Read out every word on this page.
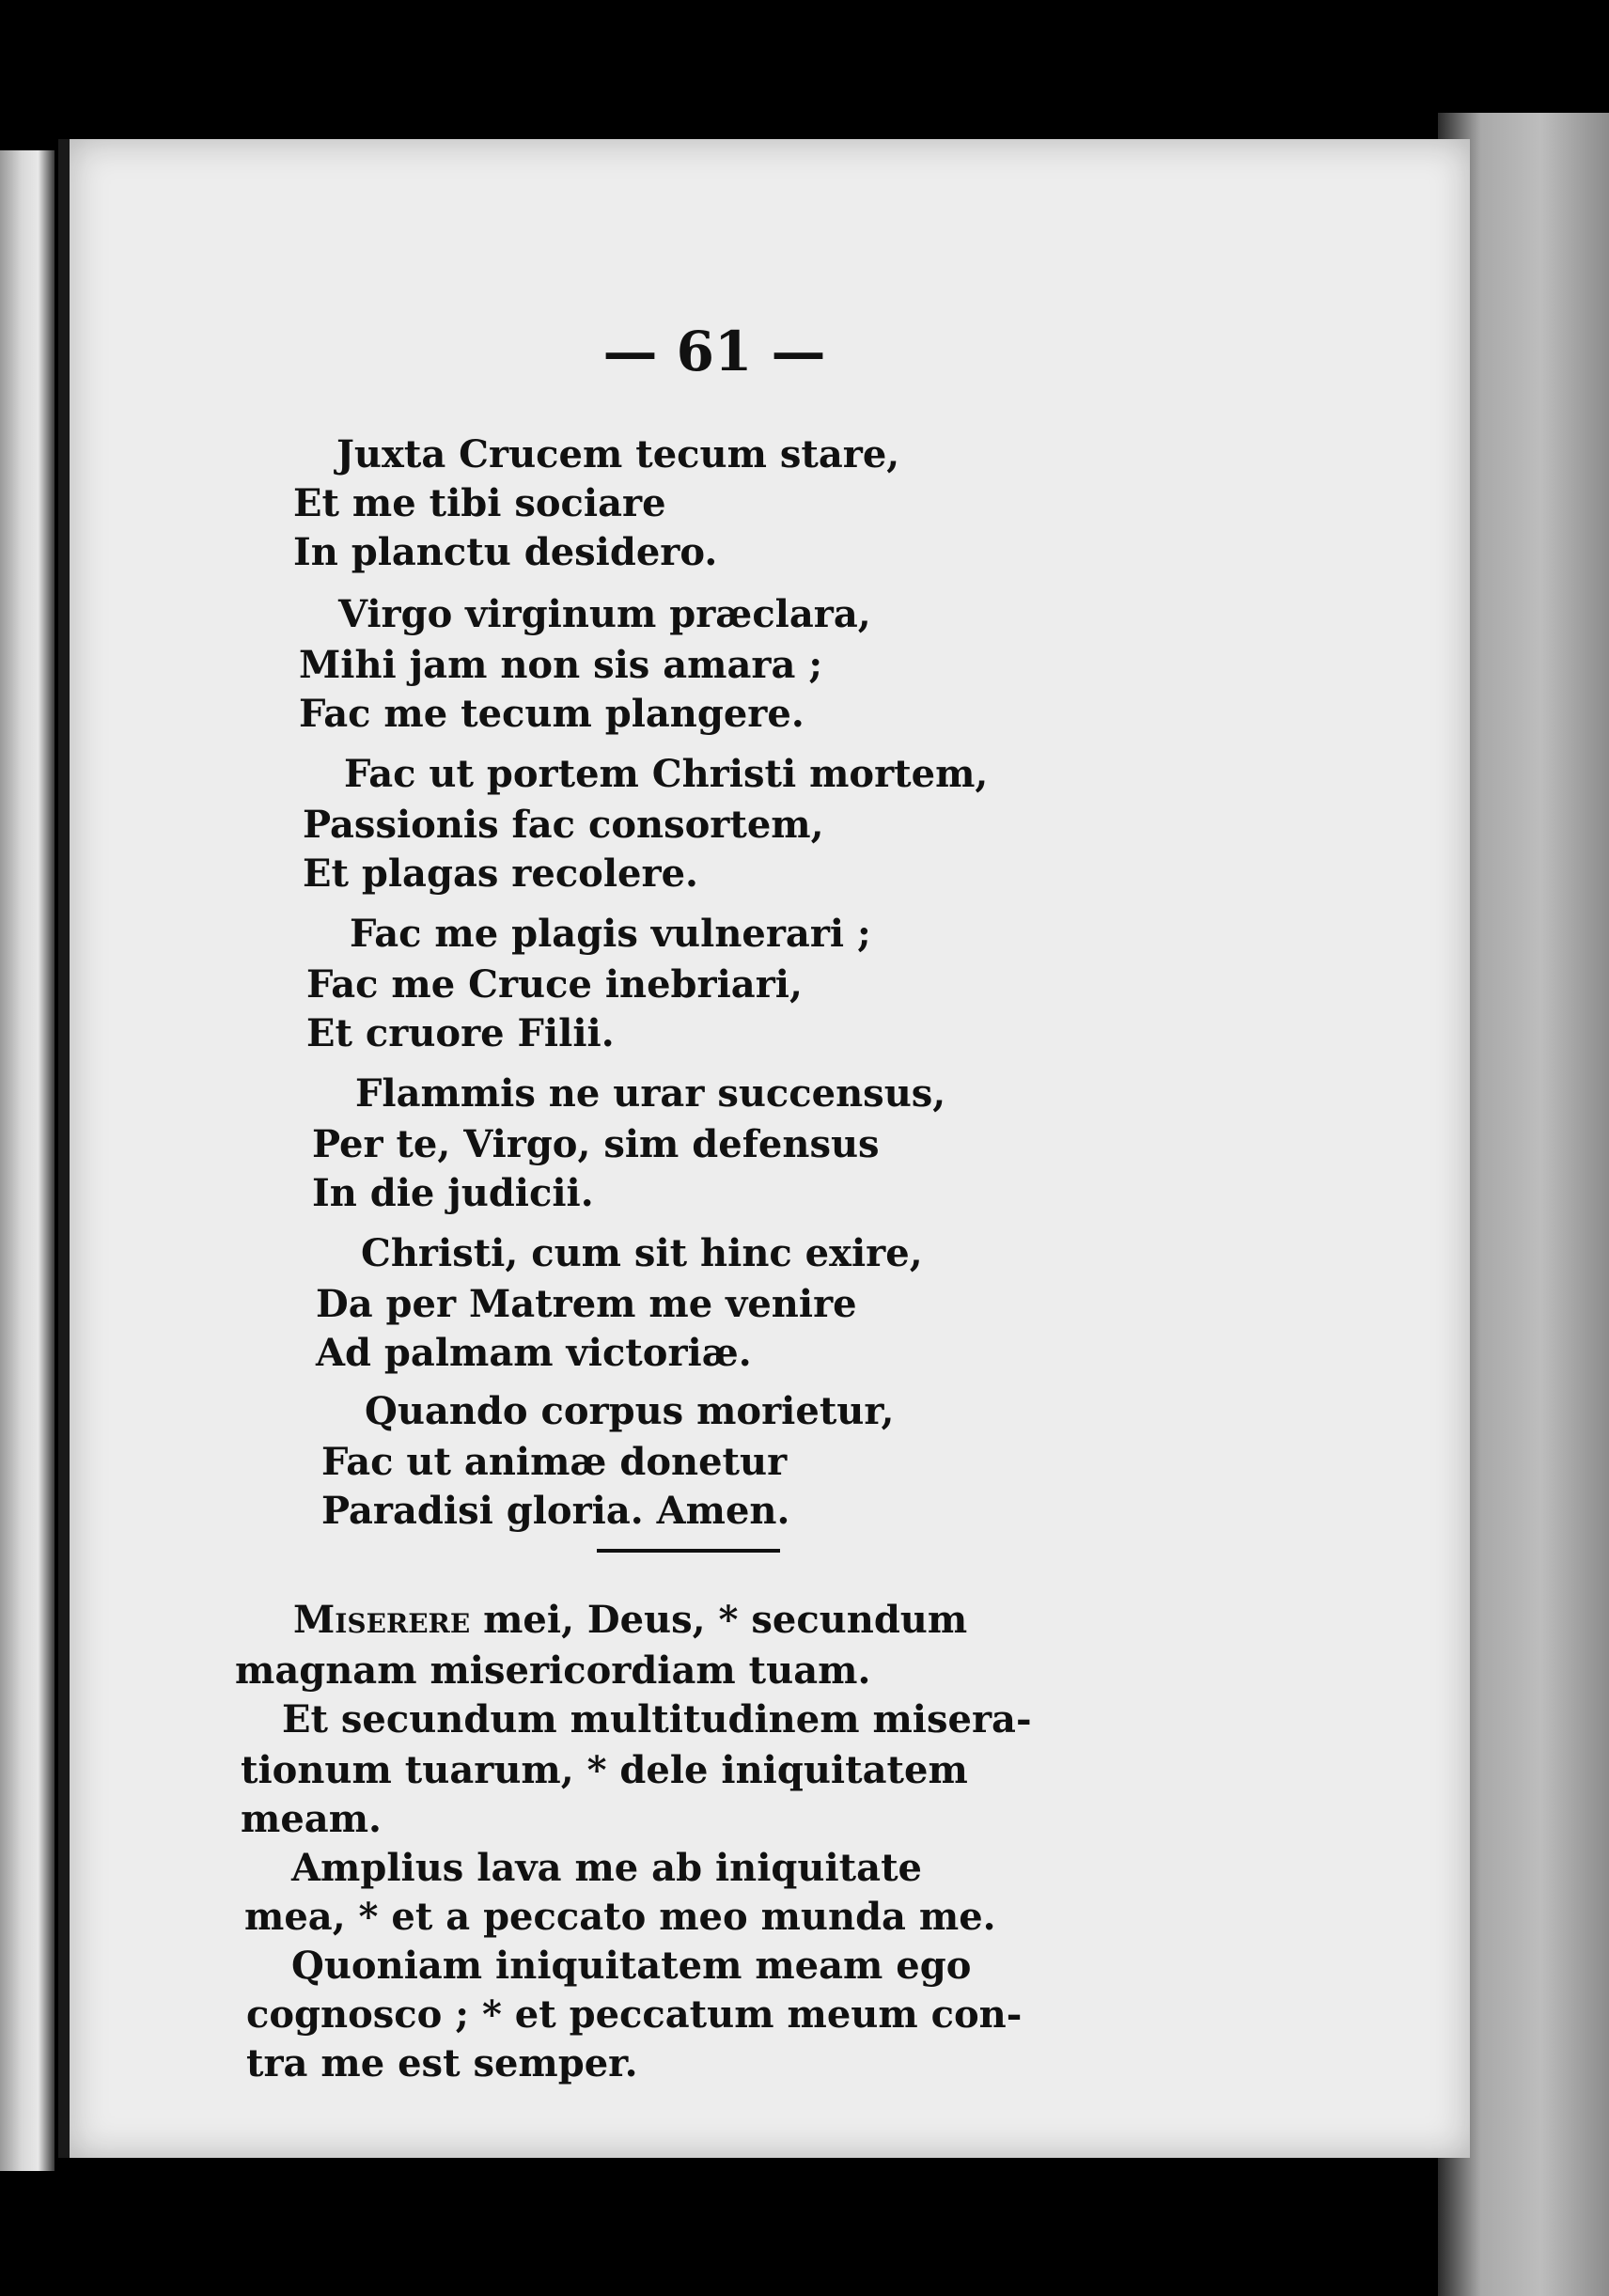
— 61 —
Juxta Crucem tecum stare,
Et me tibi sociare
In planctu desidero.
Virgo virginum præclara,
Mihi jam non sis amara ;
Fac me tecum plangere.
Fac ut portem Christi mortem,
Passionis fac consortem,
Et plagas recolere.
Fac me plagis vulnerari ;
Fac me Cruce inebriari,
Et cruore Filii.
Flammis ne urar succensus,
Per te, Virgo, sim defensus
In die judicii.
Christi, cum sit hinc exire,
Da per Matrem me venire
Ad palmam victoriæ.
Quando corpus morietur,
Fac ut animæ donetur
Paradisi gloria. Amen.
Miserere mei, Deus, * secundum
magnam misericordiam tuam.
Et secundum multitudinem misera-
tionum tuarum, * dele iniquitatem
meam.
Amplius lava me ab iniquitate
mea, * et a peccato meo munda me.
Quoniam iniquitatem meam ego
cognosco ; * et peccatum meum con-
tra me est semper.
